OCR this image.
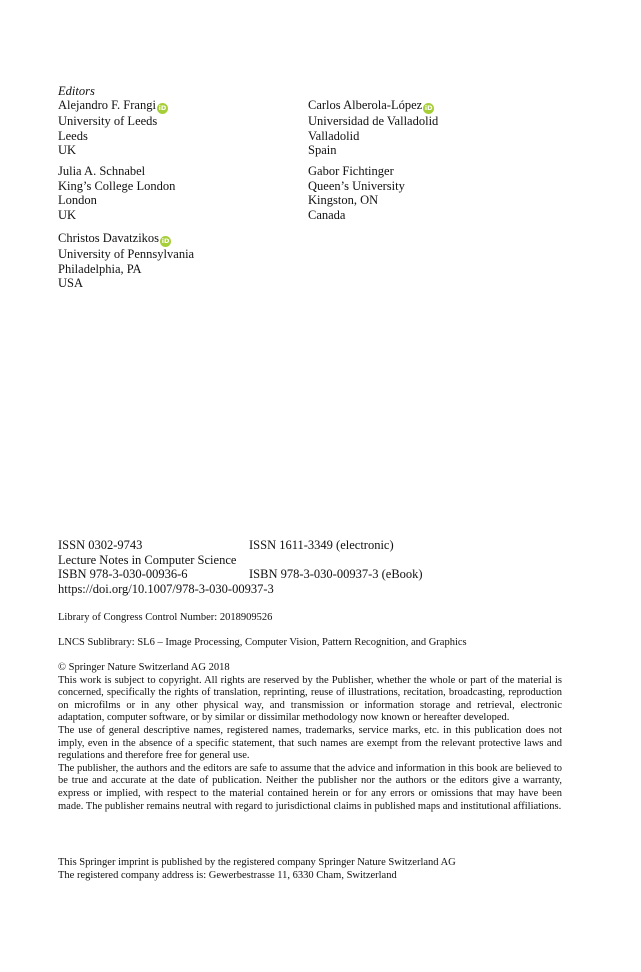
Editors
Alejandro F. Frangi iD
University of Leeds
Leeds
UK
Carlos Alberola-López iD
Universidad de Valladolid
Valladolid
Spain
Julia A. Schnabel
King’s College London
London
UK
Gabor Fichtinger
Queen’s University
Kingston, ON
Canada
Christos Davatzikos iD
University of Pennsylvania
Philadelphia, PA
USA
ISSN 0302-9743	ISSN 1611-3349 (electronic)
Lecture Notes in Computer Science
ISBN 978-3-030-00936-6	ISBN 978-3-030-00937-3 (eBook)
https://doi.org/10.1007/978-3-030-00937-3
Library of Congress Control Number: 2018909526
LNCS Sublibrary: SL6 – Image Processing, Computer Vision, Pattern Recognition, and Graphics

© Springer Nature Switzerland AG 2018

This work is subject to copyright. All rights are reserved by the Publisher, whether the whole or part of the material is concerned, specifically the rights of translation, reprinting, reuse of illustrations, recitation, broadcasting, reproduction on microfilms or in any other physical way, and transmission or information storage and retrieval, electronic adaptation, computer software, or by similar or dissimilar methodology now known or hereafter developed.

The use of general descriptive names, registered names, trademarks, service marks, etc. in this publication does not imply, even in the absence of a specific statement, that such names are exempt from the relevant protective laws and regulations and therefore free for general use.

The publisher, the authors and the editors are safe to assume that the advice and information in this book are believed to be true and accurate at the date of publication. Neither the publisher nor the authors or the editors give a warranty, express or implied, with respect to the material contained herein or for any errors or omissions that may have been made. The publisher remains neutral with regard to jurisdictional claims in published maps and institutional affiliations.

This Springer imprint is published by the registered company Springer Nature Switzerland AG

The registered company address is: Gewerbestrasse 11, 6330 Cham, Switzerland
